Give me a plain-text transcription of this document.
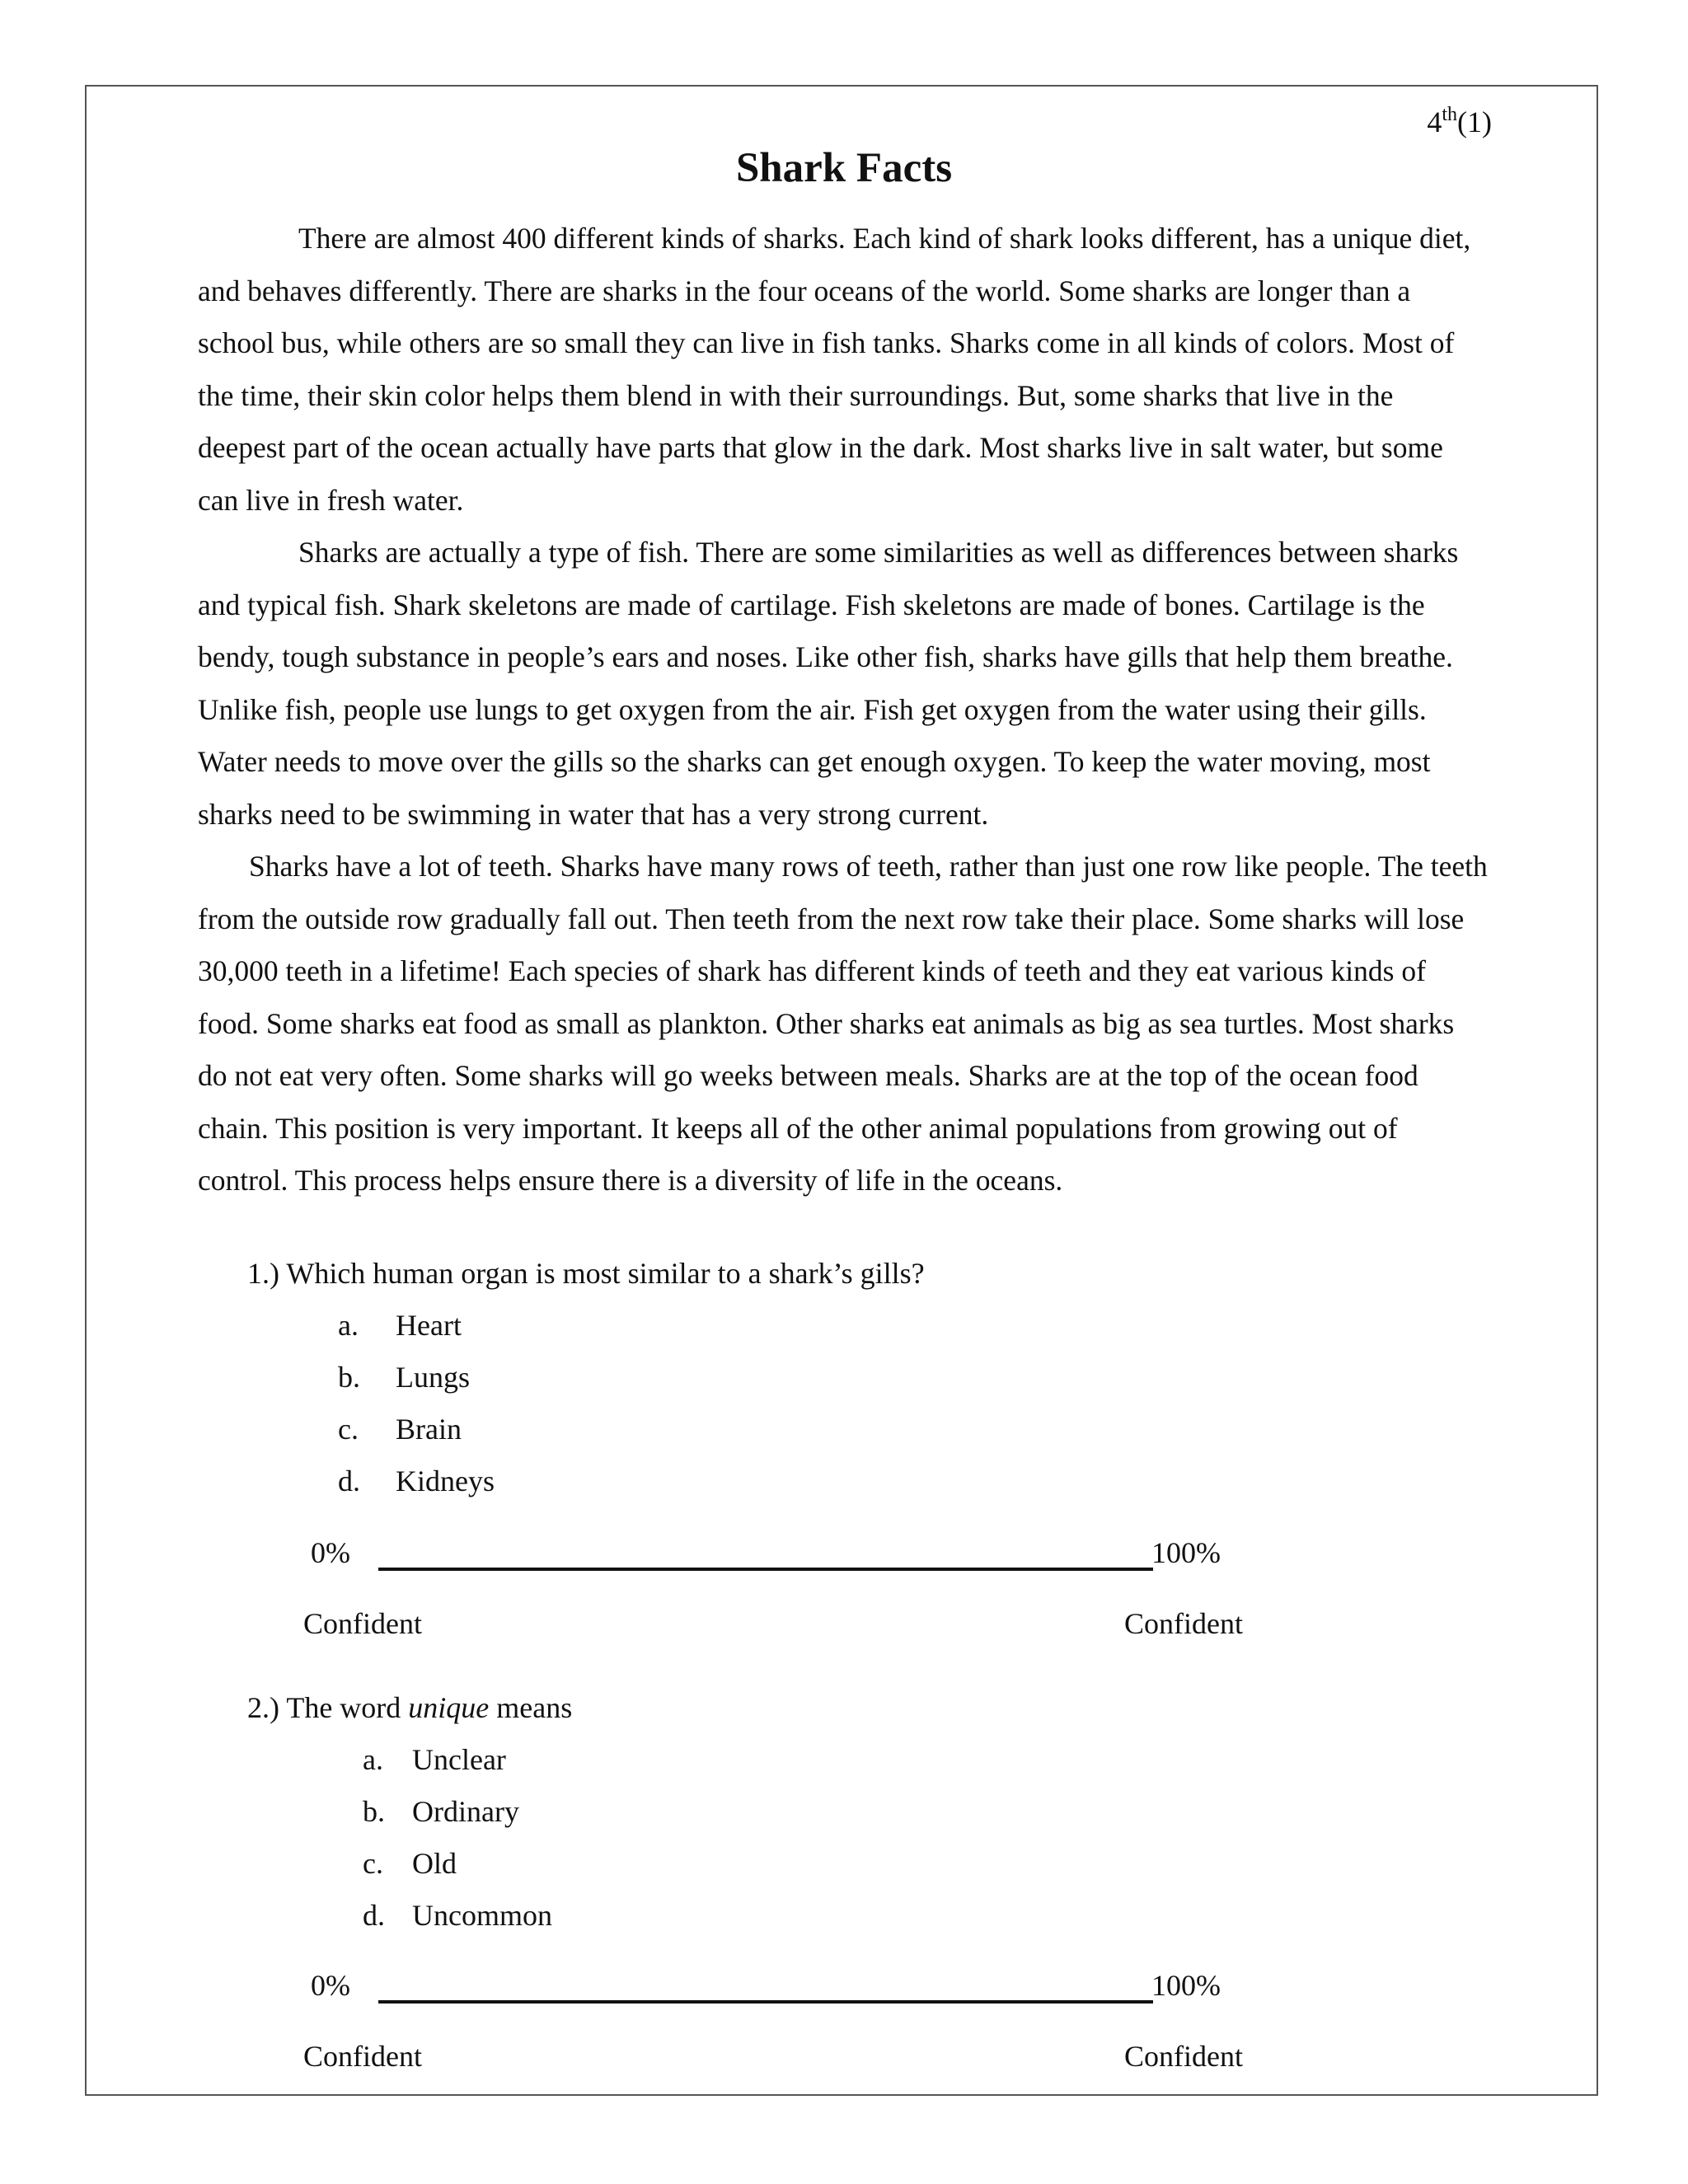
4th(1)
Shark Facts

There are almost 400 different kinds of sharks. Each kind of shark looks different, has a unique diet, and behaves differently. There are sharks in the four oceans of the world. Some sharks are longer than a school bus, while others are so small they can live in fish tanks. Sharks come in all kinds of colors. Most of the time, their skin color helps them blend in with their surroundings. But, some sharks that live in the deepest part of the ocean actually have parts that glow in the dark. Most sharks live in salt water, but some can live in fresh water.

Sharks are actually a type of fish. There are some similarities as well as differences between sharks and typical fish. Shark skeletons are made of cartilage. Fish skeletons are made of bones. Cartilage is the bendy, tough substance in people’s ears and noses. Like other fish, sharks have gills that help them breathe. Unlike fish, people use lungs to get oxygen from the air. Fish get oxygen from the water using their gills. Water needs to move over the gills so the sharks can get enough oxygen. To keep the water moving, most sharks need to be swimming in water that has a very strong current.

Sharks have a lot of teeth. Sharks have many rows of teeth, rather than just one row like people. The teeth from the outside row gradually fall out. Then teeth from the next row take their place. Some sharks will lose 30,000 teeth in a lifetime! Each species of shark has different kinds of teeth and they eat various kinds of food. Some sharks eat food as small as plankton. Other sharks eat animals as big as sea turtles. Most sharks do not eat very often. Some sharks will go weeks between meals. Sharks are at the top of the ocean food chain. This position is very important. It keeps all of the other animal populations from growing out of control. This process helps ensure there is a diversity of life in the oceans.

1.) Which human organ is most similar to a shark’s gills?

a.	Heart
b.	Lungs
c.	Brain
d.	Kidneys
0%	100%
Confident	Confident

2.) The word unique means

a. Unclear
b. Ordinary
c. Old
d. Uncommon
0%	100%
Confident	Confident
